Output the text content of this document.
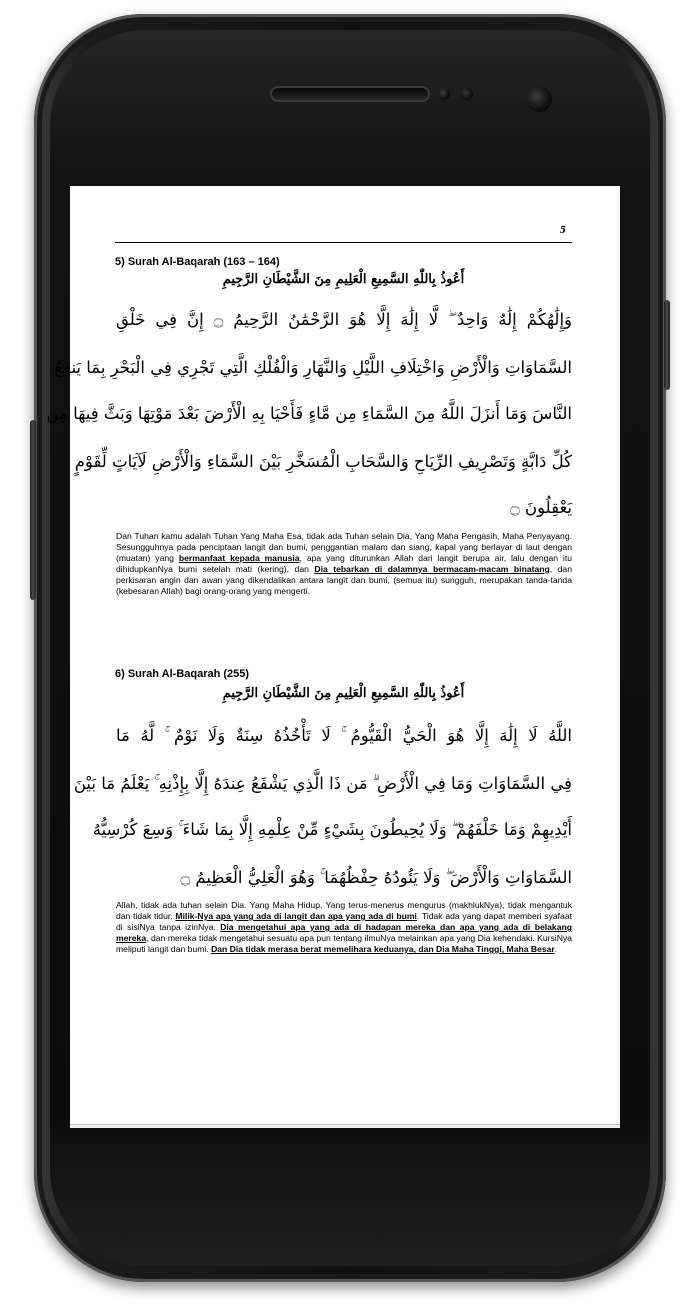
5
5) Surah Al-Baqarah (163 – 164)
أَعُوذُ بِاللّٰهِ السَّمِيعِ الْعَلِيمِ مِنَ الشَّيْطَانِ الرَّجِيمِ
وَإِلَٰهُكُمْ إِلَٰهٌ وَاحِدٌ ۖ لَّا إِلَٰهَ إِلَّا هُوَ الرَّحْمَٰنُ الرَّحِيمُ ۝ إِنَّ فِي خَلْقِ
السَّمَاوَاتِ وَالْأَرْضِ وَاخْتِلَافِ اللَّيْلِ وَالنَّهَارِ وَالْفُلْكِ الَّتِي تَجْرِي فِي الْبَحْرِ بِمَا يَنفَعُ
النَّاسَ وَمَا أَنزَلَ اللَّهُ مِنَ السَّمَاءِ مِن مَّاءٍ فَأَحْيَا بِهِ الْأَرْضَ بَعْدَ مَوْتِهَا وَبَثَّ فِيهَا مِن
كُلِّ دَابَّةٍ وَتَصْرِيفِ الرِّيَاحِ وَالسَّحَابِ الْمُسَخَّرِ بَيْنَ السَّمَاءِ وَالْأَرْضِ لَآيَاتٍ لِّقَوْمٍ
يَعْقِلُونَ ۝
Dan Tuhan kamu adalah Tuhan Yang Maha Esa, tidak ada Tuhan selain Dia, Yang Maha Pengasih, Maha Penyayang. Sesungguhnya pada penciptaan langit dan bumi, penggantian malam dan siang, kapal yang berlayar di laut dengan (muatan) yang bermanfaat kepada manusia, apa yang diturunkan Allah dari langit berupa air, lalu dengan itu dihidupkanNya bumi setelah mati (kering), dan Dia tebarkan di dalamnya bermacam-macam binatang, dan perkisaran angin dan awan yang dikendalikan antara langit dan bumi, (semua itu) sungguh, merupakan tanda-tanda (kebesaran Allah) bagi orang-orang yang mengerti.
6) Surah Al-Baqarah (255)
أَعُوذُ بِاللّٰهِ السَّمِيعِ الْعَلِيمِ مِنَ الشَّيْطَانِ الرَّجِيمِ
اللَّهُ لَا إِلَٰهَ إِلَّا هُوَ الْحَيُّ الْقَيُّومُ ۚ لَا تَأْخُذُهُ سِنَةٌ وَلَا نَوْمٌ ۚ لَّهُ مَا
فِي السَّمَاوَاتِ وَمَا فِي الْأَرْضِ ۗ مَن ذَا الَّذِي يَشْفَعُ عِندَهُ إِلَّا بِإِذْنِهِ ۚ يَعْلَمُ مَا بَيْنَ
أَيْدِيهِمْ وَمَا خَلْفَهُمْ ۖ وَلَا يُحِيطُونَ بِشَيْءٍ مِّنْ عِلْمِهِ إِلَّا بِمَا شَاءَ ۚ وَسِعَ كُرْسِيُّهُ
السَّمَاوَاتِ وَالْأَرْضَ ۖ وَلَا يَئُودُهُ حِفْظُهُمَا ۚ وَهُوَ الْعَلِيُّ الْعَظِيمُ ۝
Allah, tidak ada tuhan selain Dia. Yang Maha Hidup, Yang terus-menerus mengurus (makhlukNya), tidak mengantuk dan tidak tidur. Milik-Nya apa yang ada di langit dan apa yang ada di bumi. Tidak ada yang dapat memberi syafaat di sisiNya tanpa izinNya. Dia mengetahui apa yang ada di hadapan mereka dan apa yang ada di belakang mereka, dan mereka tidak mengetahui sesuatu apa pun tentang ilmuNya melainkan apa yang Dia kehendaki. KursiNya meliputi langit dan bumi. Dan Dia tidak merasa berat memelihara keduanya, dan Dia Maha Tinggi, Maha Besar.
